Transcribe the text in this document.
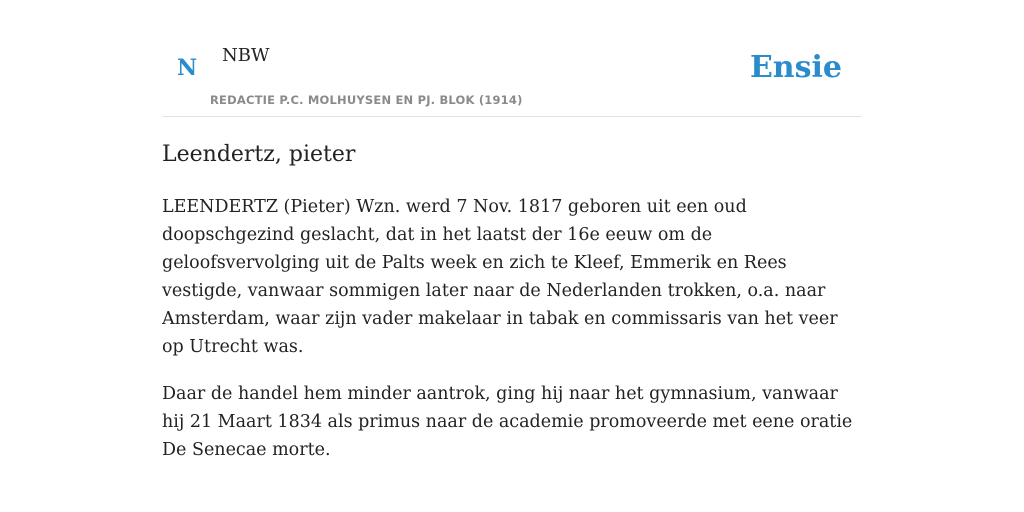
N NBW
REDACTIE P.C. MOLHUYSEN EN PJ. BLOK (1914)
Ensie
Leendertz, pieter

LEENDERTZ (Pieter) Wzn. werd 7 Nov. 1817 geboren uit een oud doopschgezind geslacht, dat in het laatst der 16e eeuw om de geloofsvervolging uit de Palts week en zich te Kleef, Emmerik en Rees vestigde, vanwaar sommigen later naar de Nederlanden trokken, o.a. naar Amsterdam, waar zijn vader makelaar in tabak en commissaris van het veer op Utrecht was.

Daar de handel hem minder aantrok, ging hij naar het gymnasium, vanwaar hij 21 Maart 1834 als primus naar de academie promoveerde met eene oratie De Senecae morte.
